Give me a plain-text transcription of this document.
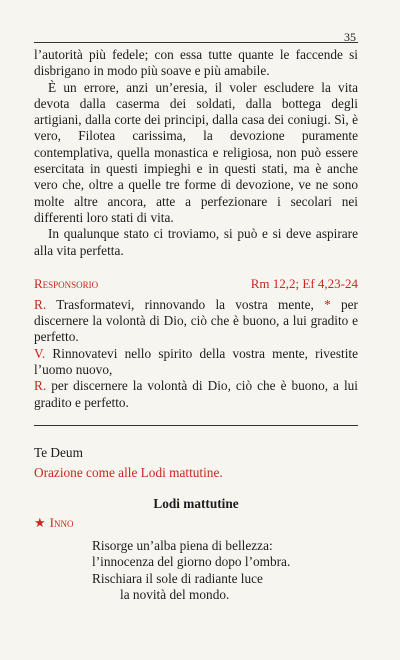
35

l’autorità più fedele; con essa tutte quante le faccende si disbrigano in modo più soave e più amabile.

È un errore, anzi un’eresia, il voler escludere la vita devota dalla caserma dei soldati, dalla bottega degli artigiani, dalla corte dei principi, dalla casa dei coniugi. Sì, è vero, Filotea carissima, la devozione puramente contemplativa, quella monastica e religiosa, non può essere esercitata in questi impieghi e in questi stati, ma è anche vero che, oltre a quelle tre forme di devozione, ve ne sono molte altre ancora, atte a perfezionare i secolari nei differenti loro stati di vita.

In qualunque stato ci troviamo, si può e si deve aspirare alla vita perfetta.

Responsorio	Rm 12,2; Ef 4,23-24

R. Trasformatevi, rinnovando la vostra mente, * per discernere la volontà di Dio, ciò che è buono, a lui gradito e perfetto.

V. Rinnovatevi nello spirito della vostra mente, rivestite l’uomo nuovo,

R. per discernere la volontà di Dio, ciò che è buono, a lui gradito e perfetto.

Te Deum
Orazione come alle Lodi mattutine.
Lodi mattutine
★ Inno
Risorge un’alba piena di bellezza:
l’innocenza del giorno dopo l’ombra.
Rischiara il sole di radiante luce
la novità del mondo.
